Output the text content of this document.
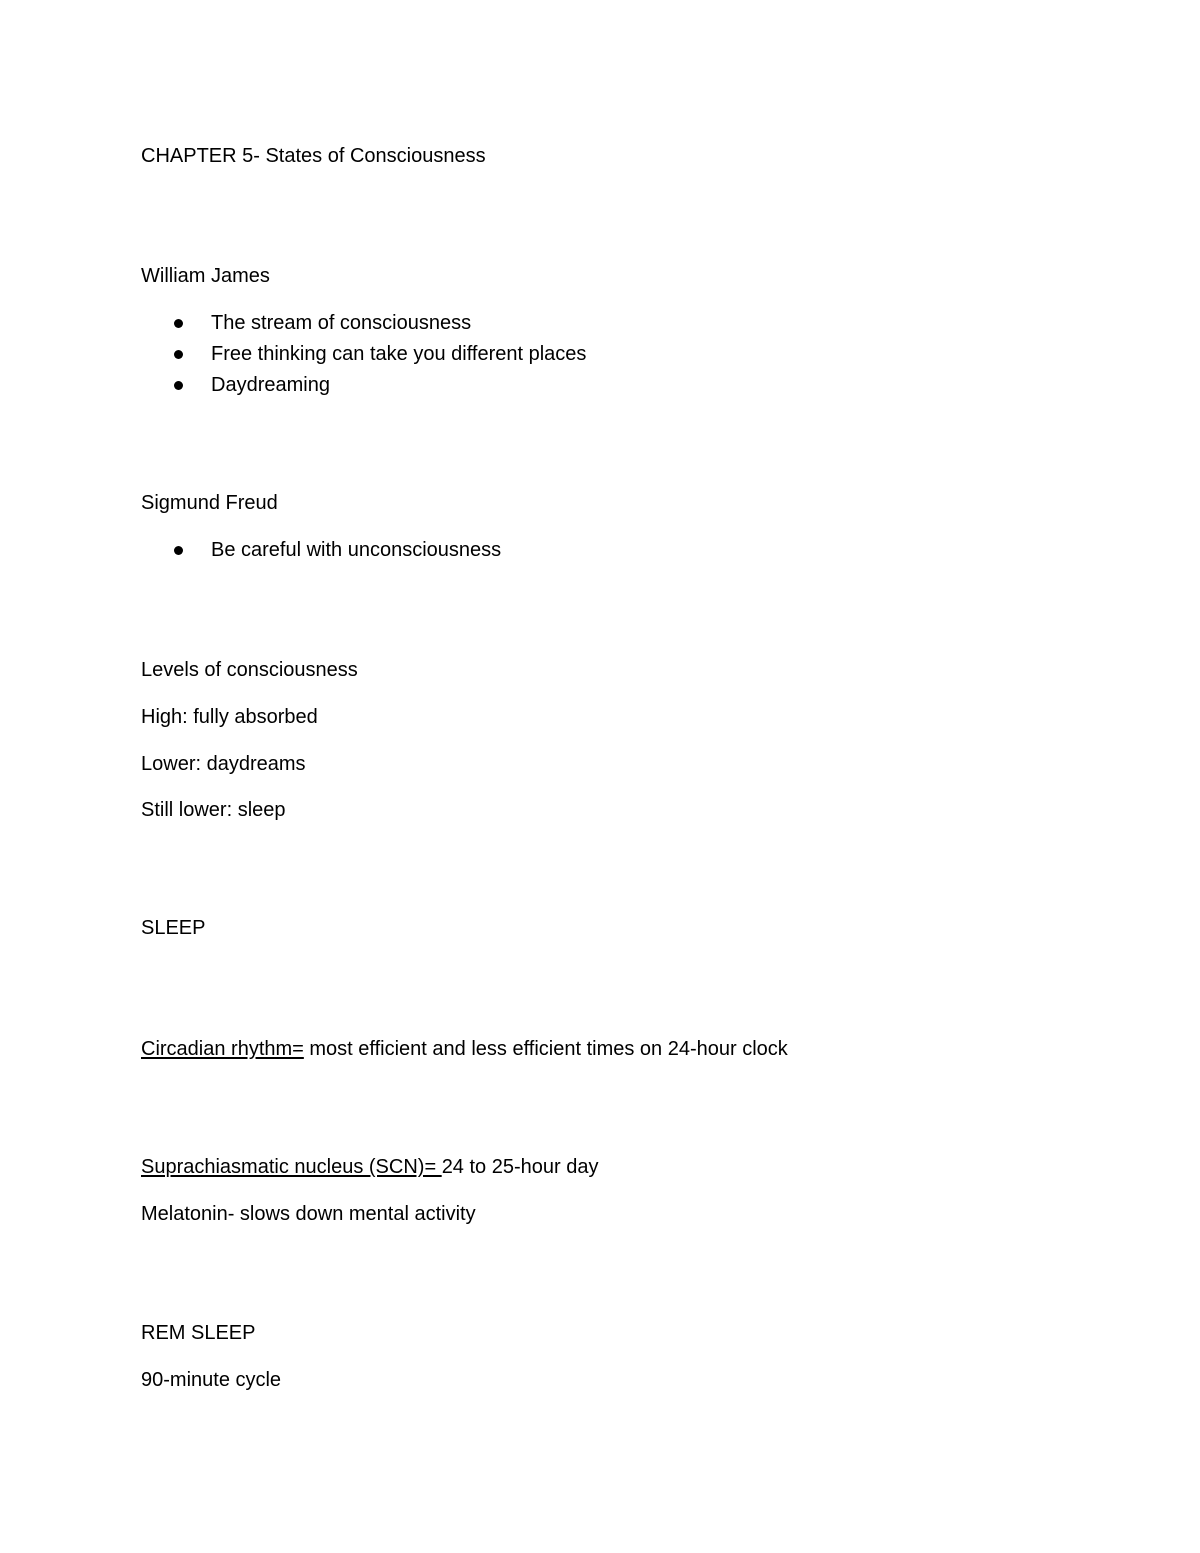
CHAPTER 5- States of Consciousness

William James

The stream of consciousness
Free thinking can take you different places
Daydreaming

Sigmund Freud

Be careful with unconsciousness

Levels of consciousness

High: fully absorbed

Lower: daydreams

Still lower: sleep

SLEEP

Circadian rhythm= most efficient and less efficient times on 24-hour clock

Suprachiasmatic nucleus (SCN)= 24 to 25-hour day

Melatonin- slows down mental activity

REM SLEEP

90-minute cycle
